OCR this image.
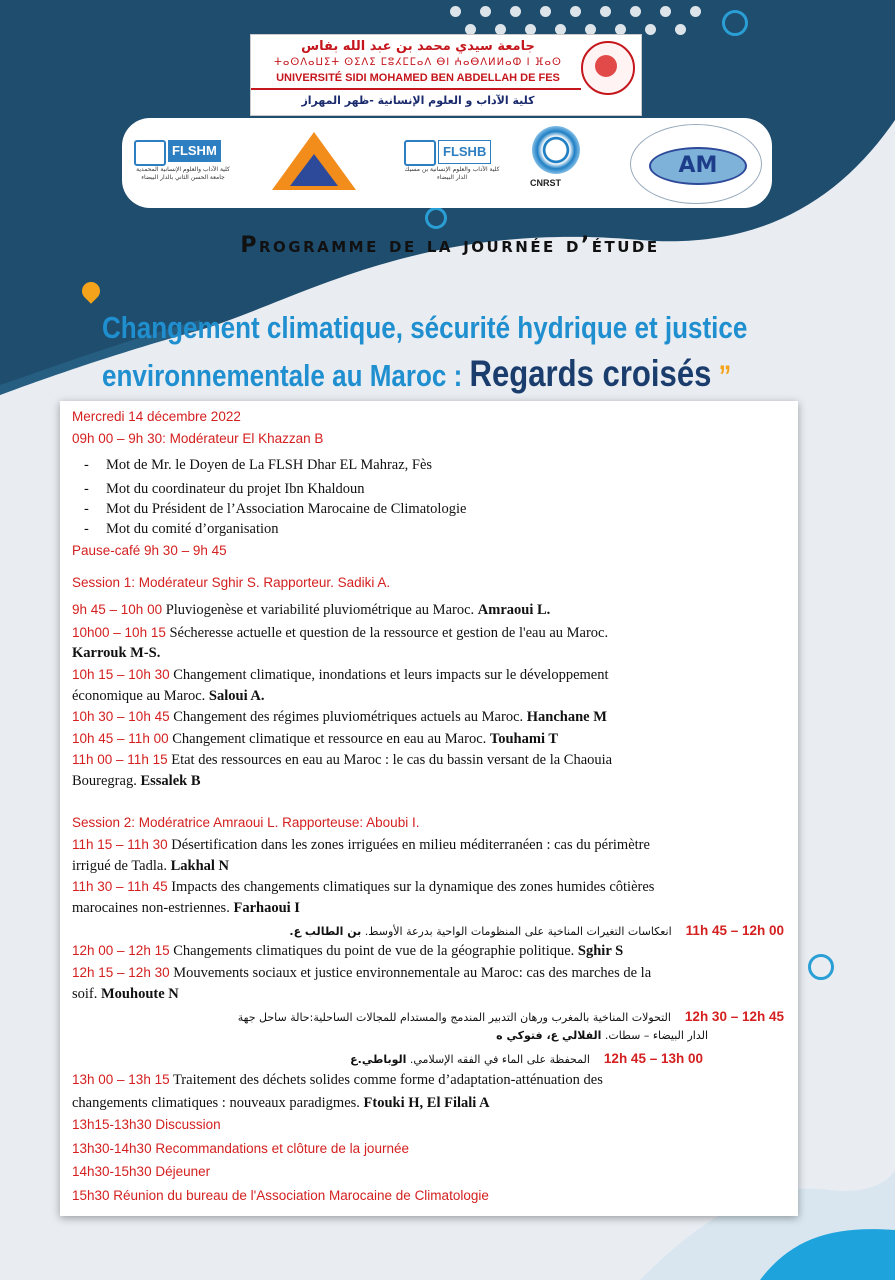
جامعة سيدي محمد بن عبد الله بفاس
ⵜⴰⵙⴷⴰⵡⵉⵜ ⵙⵉⴷⵉ ⵎⵓⵃⵎⵎⴰⴷ ⴱⵏ ⵄⴰⴱⴷⵍⵍⴰⵀ ⵏ ⴼⴰⵙ
UNIVERSITÉ SIDI MOHAMED BEN ABDELLAH DE FES
كلية الآداب و العلوم الإنسانية -ظهر المهراز
FLSHM
كلية الآداب والعلوم الإنسانية المحمدية جامعة الحسن الثاني بالدار البيضاء
FLSHB
كلية الآداب والعلوم الإنسانية بن مسيك الدار البيضاء
CNRST
AM
Programme de la journée d’étude
Changement climatique, sécurité hydrique et justice
environnementale au Maroc : Regards croisés ”
Mercredi 14 décembre 2022
09h 00 – 9h 30: Modérateur El Khazzan B
- Mot de Mr. le Doyen de La FLSH Dhar EL Mahraz, Fès
- Mot du coordinateur du projet Ibn Khaldoun
- Mot du Président de l’Association Marocaine de Climatologie
- Mot du comité d’organisation
Pause-café 9h 30 – 9h 45
Session 1: Modérateur Sghir S. Rapporteur. Sadiki A.
9h 45 – 10h 00 Pluviogenèse et variabilité pluviométrique au Maroc. Amraoui L.
10h00 – 10h 15 Sécheresse actuelle et question de la ressource et gestion de l'eau au Maroc.
Karrouk M-S.
10h 15 – 10h 30 Changement climatique, inondations et leurs impacts sur le développement
économique au Maroc. Saloui A.
10h 30 – 10h 45 Changement des régimes pluviométriques actuels au Maroc. Hanchane M
10h 45 – 11h 00 Changement climatique et ressource en eau au Maroc. Touhami T
11h 00 – 11h 15 Etat des ressources en eau au Maroc : le cas du bassin versant de la Chaouia
Bouregrag. Essalek B
Session 2: Modératrice Amraoui L. Rapporteuse: Aboubi I.
11h 15 – 11h 30 Désertification dans les zones irriguées en milieu méditerranéen : cas du périmètre
irrigué de Tadla. Lakhal N
11h 30 – 11h 45 Impacts des changements climatiques sur la dynamique des zones humides côtières
marocaines non-estriennes. Farhaoui I
11h 45 – 12h 00    انعكاسات التغيرات المناخية على المنظومات الواحية بدرعة الأوسط. بن الطالب ع.
12h 00 – 12h 15 Changements climatiques du point de vue de la géographie politique. Sghir S
12h 15 – 12h 30 Mouvements sociaux et justice environnementale au Maroc: cas des marches de la
soif. Mouhoute N
12h 30 – 12h 45    التحولات المناخية بالمغرب ورهان التدبير المندمج والمستدام للمجالات الساحلية:حالة ساحل جهة
الدار البيضاء – سطات. الفلالي ع، فتوكي ه
12h 45 – 13h 00    المحفظة على الماء في الفقه الإسلامي. الوباطي.ع
13h 00 – 13h 15 Traitement des déchets solides comme forme d’adaptation-atténuation des
changements climatiques : nouveaux paradigmes. Ftouki H, El Filali A
13h15-13h30 Discussion
13h30-14h30 Recommandations et clôture de la journée
14h30-15h30 Déjeuner
15h30 Réunion du bureau de l'Association Marocaine de Climatologie
